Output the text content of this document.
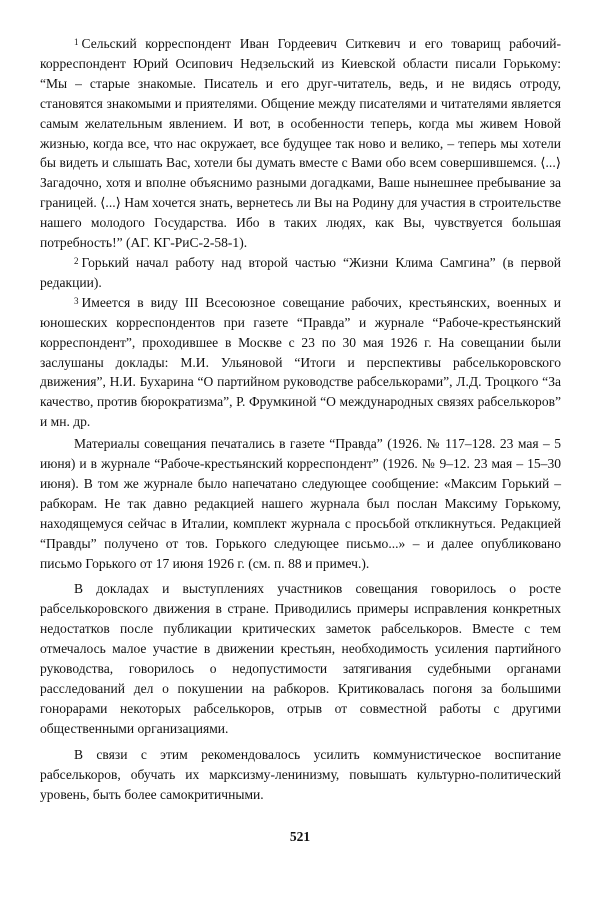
$^1$ Сельский корреспондент Иван Гордеевич Ситкевич и его товарищ рабочий-корреспондент Юрий Осипович Недзельский из Киевской области писали Горькому: “Мы – старые знакомые. Писатель и его друг-читатель, ведь, и не видясь отроду, становятся знакомыми и приятелями. Общение между писателями и читателями является самым желательным явлением. И вот, в особенности теперь, когда мы живем Новой жизнью, когда все, что нас окружает, все будущее так ново и велико, – теперь мы хотели бы видеть и слышать Вас, хотели бы думать вместе с Вами обо всем совершившемся. ⟨...⟩ Загадочно, хотя и вполне объяснимо разными догадками, Ваше нынешнее пребывание за границей. ⟨...⟩ Нам хочется знать, вернетесь ли Вы на Родину для участия в строительстве нашего молодого Государства. Ибо в таких людях, как Вы, чувствуется большая потребность!” (АГ. КГ-РиС-2-58-1).

$^2$ Горький начал работу над второй частью “Жизни Клима Самгина” (в первой редакции).

$^3$ Имеется в виду III Всесоюзное совещание рабочих, крестьянских, военных и юношеских корреспондентов при газете “Правда” и журнале “Рабоче-крестьянский корреспондент”, проходившее в Москве с 23 по 30 мая 1926 г. На совещании были заслушаны доклады: М.И. Ульяновой “Итоги и перспективы рабселькоровского движения”, Н.И. Бухарина “О партийном руководстве рабселькорами”, Л.Д. Троцкого “За качество, против бюрократизма”, Р. Фрумкиной “О международных связях рабселькоров” и мн. др.

Материалы совещания печатались в газете “Правда” (1926. № 117–128. 23 мая – 5 июня) и в журнале “Рабоче-крестьянский корреспондент” (1926. № 9–12. 23 мая – 15–30 июня). В том же журнале было напечатано следующее сообщение: «Максим Горький – рабкорам. Не так давно редакцией нашего журнала был послан Максиму Горькому, находящемуся сейчас в Италии, комплект журнала с просьбой откликнуться. Редакцией “Правды” получено от тов. Горького следующее письмо...» – и далее опубликовано письмо Горького от 17 июня 1926 г. (см. п. 88 и примеч.).

В докладах и выступлениях участников совещания говорилось о росте рабселькоровского движения в стране. Приводились примеры исправления конкретных недостатков после публикации критических заметок рабселькоров. Вместе с тем отмечалось малое участие в движении крестьян, необходимость усиления партийного руководства, говорилось о недопустимости затягивания судебными органами расследований дел о покушении на рабкоров. Критиковалась погоня за большими гонорарами некоторых рабселькоров, отрыв от совместной работы с другими общественными организациями.

В связи с этим рекомендовалось усилить коммунистическое воспитание рабселькоров, обучать их марксизму-ленинизму, повышать культурно-политический уровень, быть более самокритичными.

521
